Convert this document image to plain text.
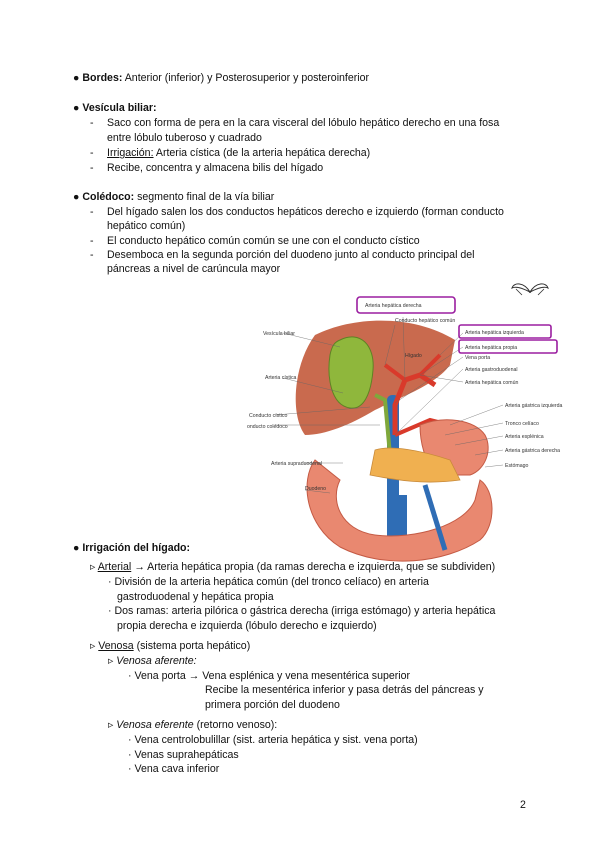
● Bordes: Anterior (inferior) y Posterosuperior y posteroinferior
● Vesícula biliar:
- Saco con forma de pera en la cara visceral del lóbulo hepático derecho en una fosa
entre lóbulo tuberoso y cuadrado
- Irrigación: Arteria cística (de la arteria hepática derecha)
- Recibe, concentra y almacena bilis del hígado
● Colédoco: segmento final de la vía biliar
- Del hígado salen los dos conductos hepáticos derecho e izquierdo (forman conducto
hepático común)
- El conducto hepático común común se une con el conducto cístico
- Desemboca en la segunda porción del duodeno junto al conducto principal del
páncreas a nivel de carúncula mayor
Vesícula biliar
Arteria cística
Conducto cístico
onducto colédoco
Arteria supraduodenal
Duodeno
Hígado
Arteria hepática derecha
Conducto hepático común
Arteria hepática izquierda
Arteria hepática propia
Vena porta
Arteria gastroduodenal
Arteria hepática común
Arteria gástrica izquierda
Tronco celíaco
Arteria esplénica
Arteria gástrica derecha
Estómago
● Irrigación del hígado:
▹ Arterial → Arteria hepática propia (da ramas derecha e izquierda, que se subdividen)
· División de la arteria hepática común (del tronco celíaco) en arteria
gastroduodenal y hepática propia
· Dos ramas: arteria pilórica o gástrica derecha (irriga estómago) y arteria hepática
propia derecha e izquierda (lóbulo derecho e izquierdo)
▹ Venosa (sistema porta hepático)
▹ Venosa aferente:
· Vena porta → Vena esplénica y vena mesentérica superior
Recibe la mesentérica inferior y pasa detrás del páncreas y
primera porción del duodeno
▹ Venosa eferente (retorno venoso):
· Vena centrolobulillar (sist. arteria hepática y sist. vena porta)
· Venas suprahepáticas
· Vena cava inferior
2
